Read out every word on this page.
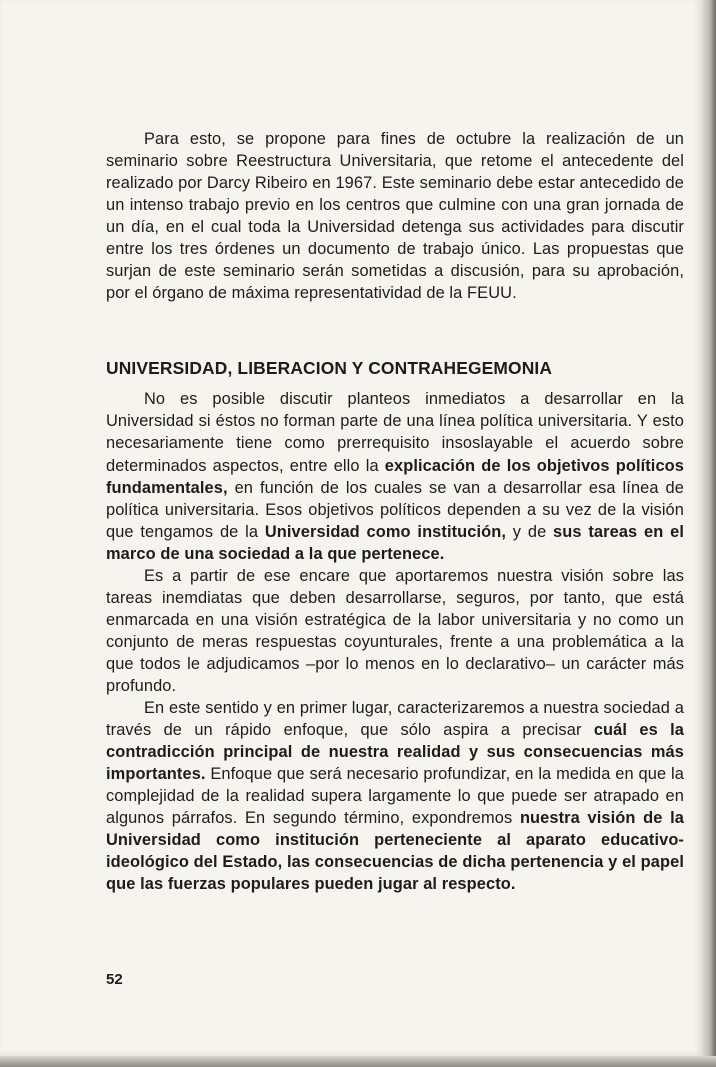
Para esto, se propone para fines de octubre la realización de un seminario sobre Reestructura Universitaria, que retome el antecedente del realizado por Darcy Ribeiro en 1967. Este seminario debe estar antecedido de un intenso trabajo previo en los centros que culmine con una gran jornada de un día, en el cual toda la Universidad detenga sus actividades para discutir entre los tres órdenes un documento de trabajo único. Las propuestas que surjan de este seminario serán sometidas a discusión, para su aprobación, por el órgano de máxima representatividad de la FEUU.

UNIVERSIDAD, LIBERACION Y CONTRAHEGEMONIA

No es posible discutir planteos inmediatos a desarrollar en la Universidad si éstos no forman parte de una línea política universitaria. Y esto necesariamente tiene como prerrequisito insoslayable el acuerdo sobre determinados aspectos, entre ello la explicación de los objetivos políticos fundamentales, en función de los cuales se van a desarrollar esa línea de política universitaria. Esos objetivos políticos dependen a su vez de la visión que tengamos de la Universidad como institución, y de sus tareas en el marco de una sociedad a la que pertenece.

Es a partir de ese encare que aportaremos nuestra visión sobre las tareas inemdiatas que deben desarrollarse, seguros, por tanto, que está enmarcada en una visión estratégica de la labor universitaria y no como un conjunto de meras respuestas coyunturales, frente a una problemática a la que todos le adjudicamos –por lo menos en lo declarativo– un carácter más profundo.

En este sentido y en primer lugar, caracterizaremos a nuestra sociedad a través de un rápido enfoque, que sólo aspira a precisar cuál es la contradicción principal de nuestra realidad y sus consecuencias más importantes. Enfoque que será necesario profundizar, en la medida en que la complejidad de la realidad supera largamente lo que puede ser atrapado en algunos párrafos. En segundo término, expondremos nuestra visión de la Universidad como institución perteneciente al aparato educativo-ideológico del Estado, las consecuencias de dicha pertenencia y el papel que las fuerzas populares pueden jugar al respecto.

52
